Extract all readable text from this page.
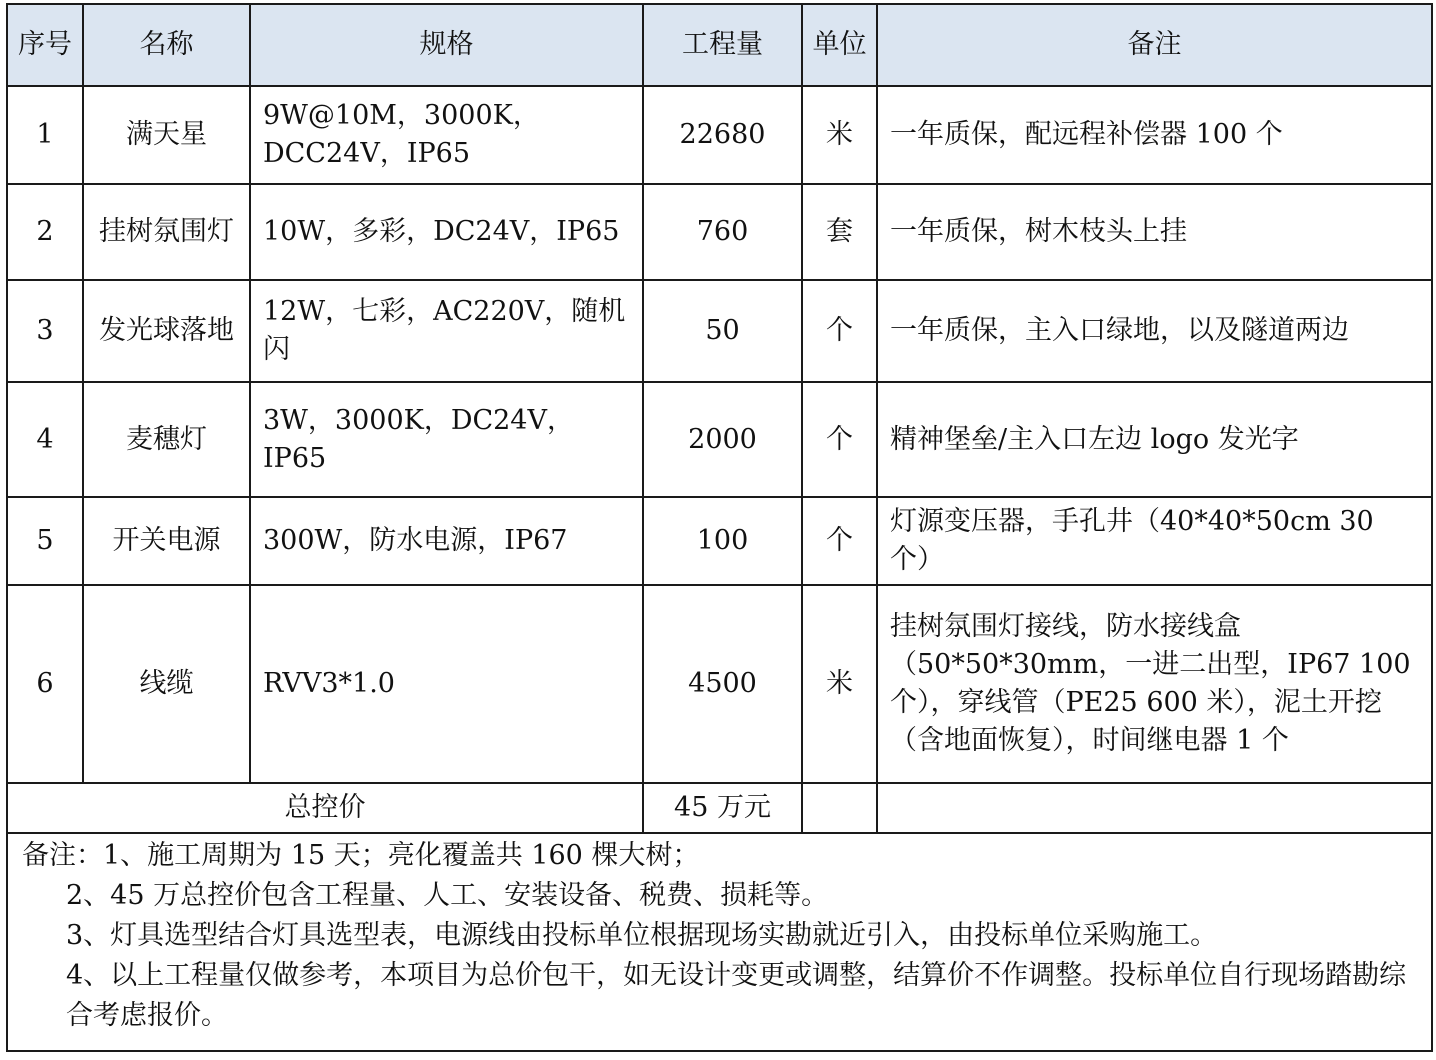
序号	名称	规格	工程量	单位	备注
1	满天星	9W@10M，3000K，DCC24V，IP65	22680	米	一年质保，配远程补偿器 100 个
2	挂树氛围灯	10W，多彩，DC24V，IP65	760	套	一年质保，树木枝头上挂
3	发光球落地	12W，七彩，AC220V，随机闪	50	个	一年质保，主入口绿地，以及隧道两边
4	麦穗灯	3W，3000K，DC24V，IP65	2000	个	精神堡垒/主入口左边 logo 发光字
5	开关电源	300W，防水电源，IP67	100	个	灯源变压器，手孔井（40*40*50cm 30 个）
6	线缆	RVV3*1.0	4500	米	挂树氛围灯接线，防水接线盒（50*50*30mm，一进二出型，IP67 100 个），穿线管（PE25 600 米），泥土开挖（含地面恢复），时间继电器 1 个
总控价			45 万元		

备注：1、施工周期为 15 天；亮化覆盖共 160 棵大树；
2、45 万总控价包含工程量、人工、安装设备、税费、损耗等。
3、灯具选型结合灯具选型表，电源线由投标单位根据现场实勘就近引入，由投标单位采购施工。
4、以上工程量仅做参考，本项目为总价包干，如无设计变更或调整，结算价不作调整。投标单位自行现场踏勘综合考虑报价。					
